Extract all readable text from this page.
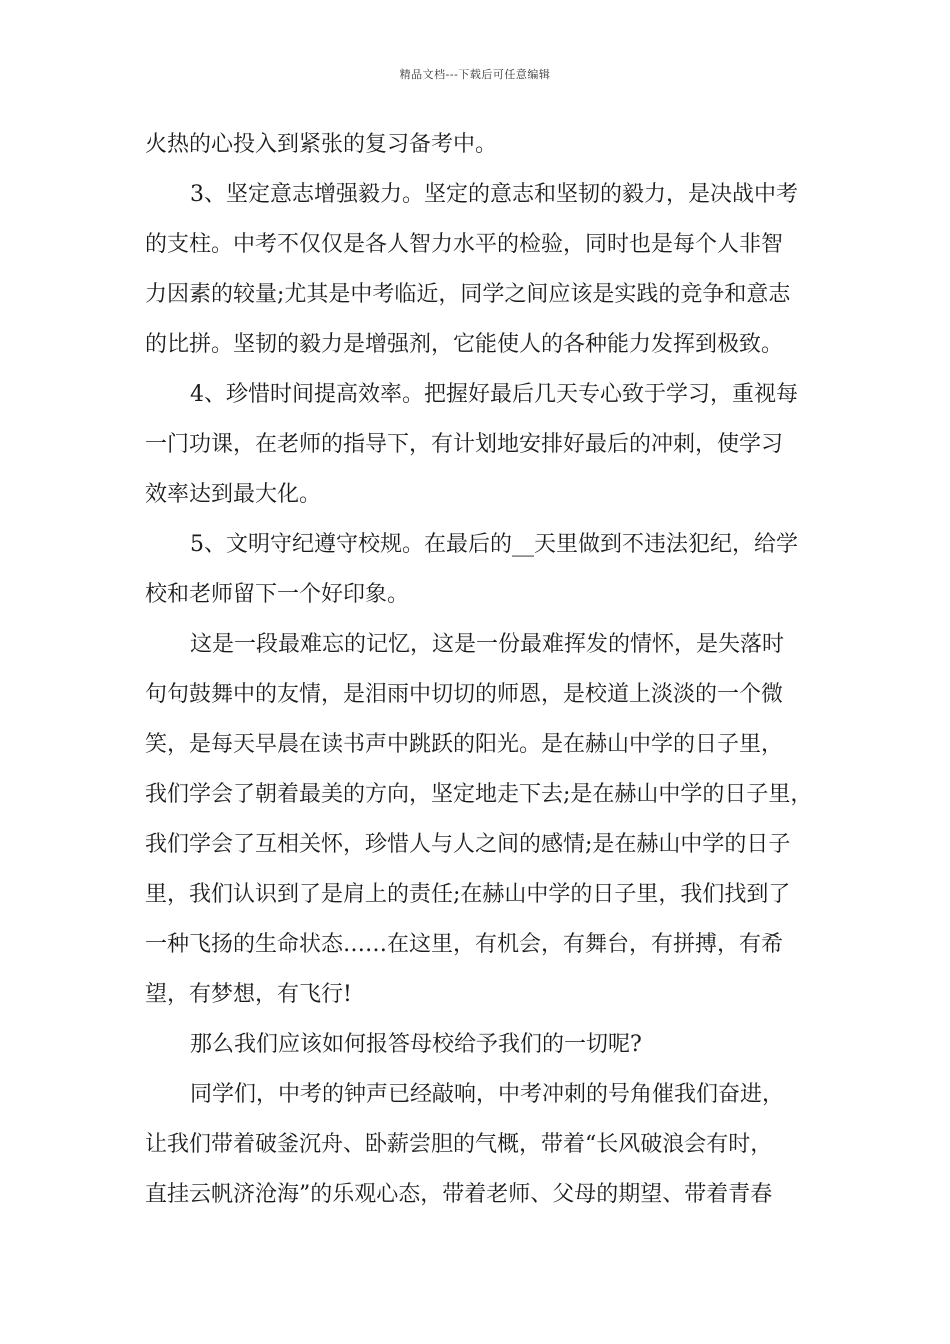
精品文档---下载后可任意编辑
火热的心投入到紧张的复习备考中。
3、坚定意志增强毅力。坚定的意志和坚韧的毅力，是决战中考
的支柱。中考不仅仅是各人智力水平的检验，同时也是每个人非智
力因素的较量;尤其是中考临近，同学之间应该是实践的竞争和意志
的比拼。坚韧的毅力是增强剂，它能使人的各种能力发挥到极致。
4、珍惜时间提高效率。把握好最后几天专心致于学习，重视每
一门功课，在老师的指导下，有计划地安排好最后的冲刺，使学习
效率达到最大化。
5、文明守纪遵守校规。在最后的__天里做到不违法犯纪，给学
校和老师留下一个好印象。
这是一段最难忘的记忆，这是一份最难挥发的情怀，是失落时
句句鼓舞中的友情，是泪雨中切切的师恩，是校道上淡淡的一个微
笑，是每天早晨在读书声中跳跃的阳光。是在赫山中学的日子里，
我们学会了朝着最美的方向，坚定地走下去;是在赫山中学的日子里，
我们学会了互相关怀，珍惜人与人之间的感情;是在赫山中学的日子
里，我们认识到了是肩上的责任;在赫山中学的日子里，我们找到了
一种飞扬的生命状态……在这里，有机会，有舞台，有拼搏，有希
望，有梦想，有飞行!
那么我们应该如何报答母校给予我们的一切呢?
同学们，中考的钟声已经敲响，中考冲刺的号角催我们奋进，
让我们带着破釜沉舟、卧薪尝胆的气概，带着“长风破浪会有时，
直挂云帆济沧海”的乐观心态，带着老师、父母的期望、带着青春
